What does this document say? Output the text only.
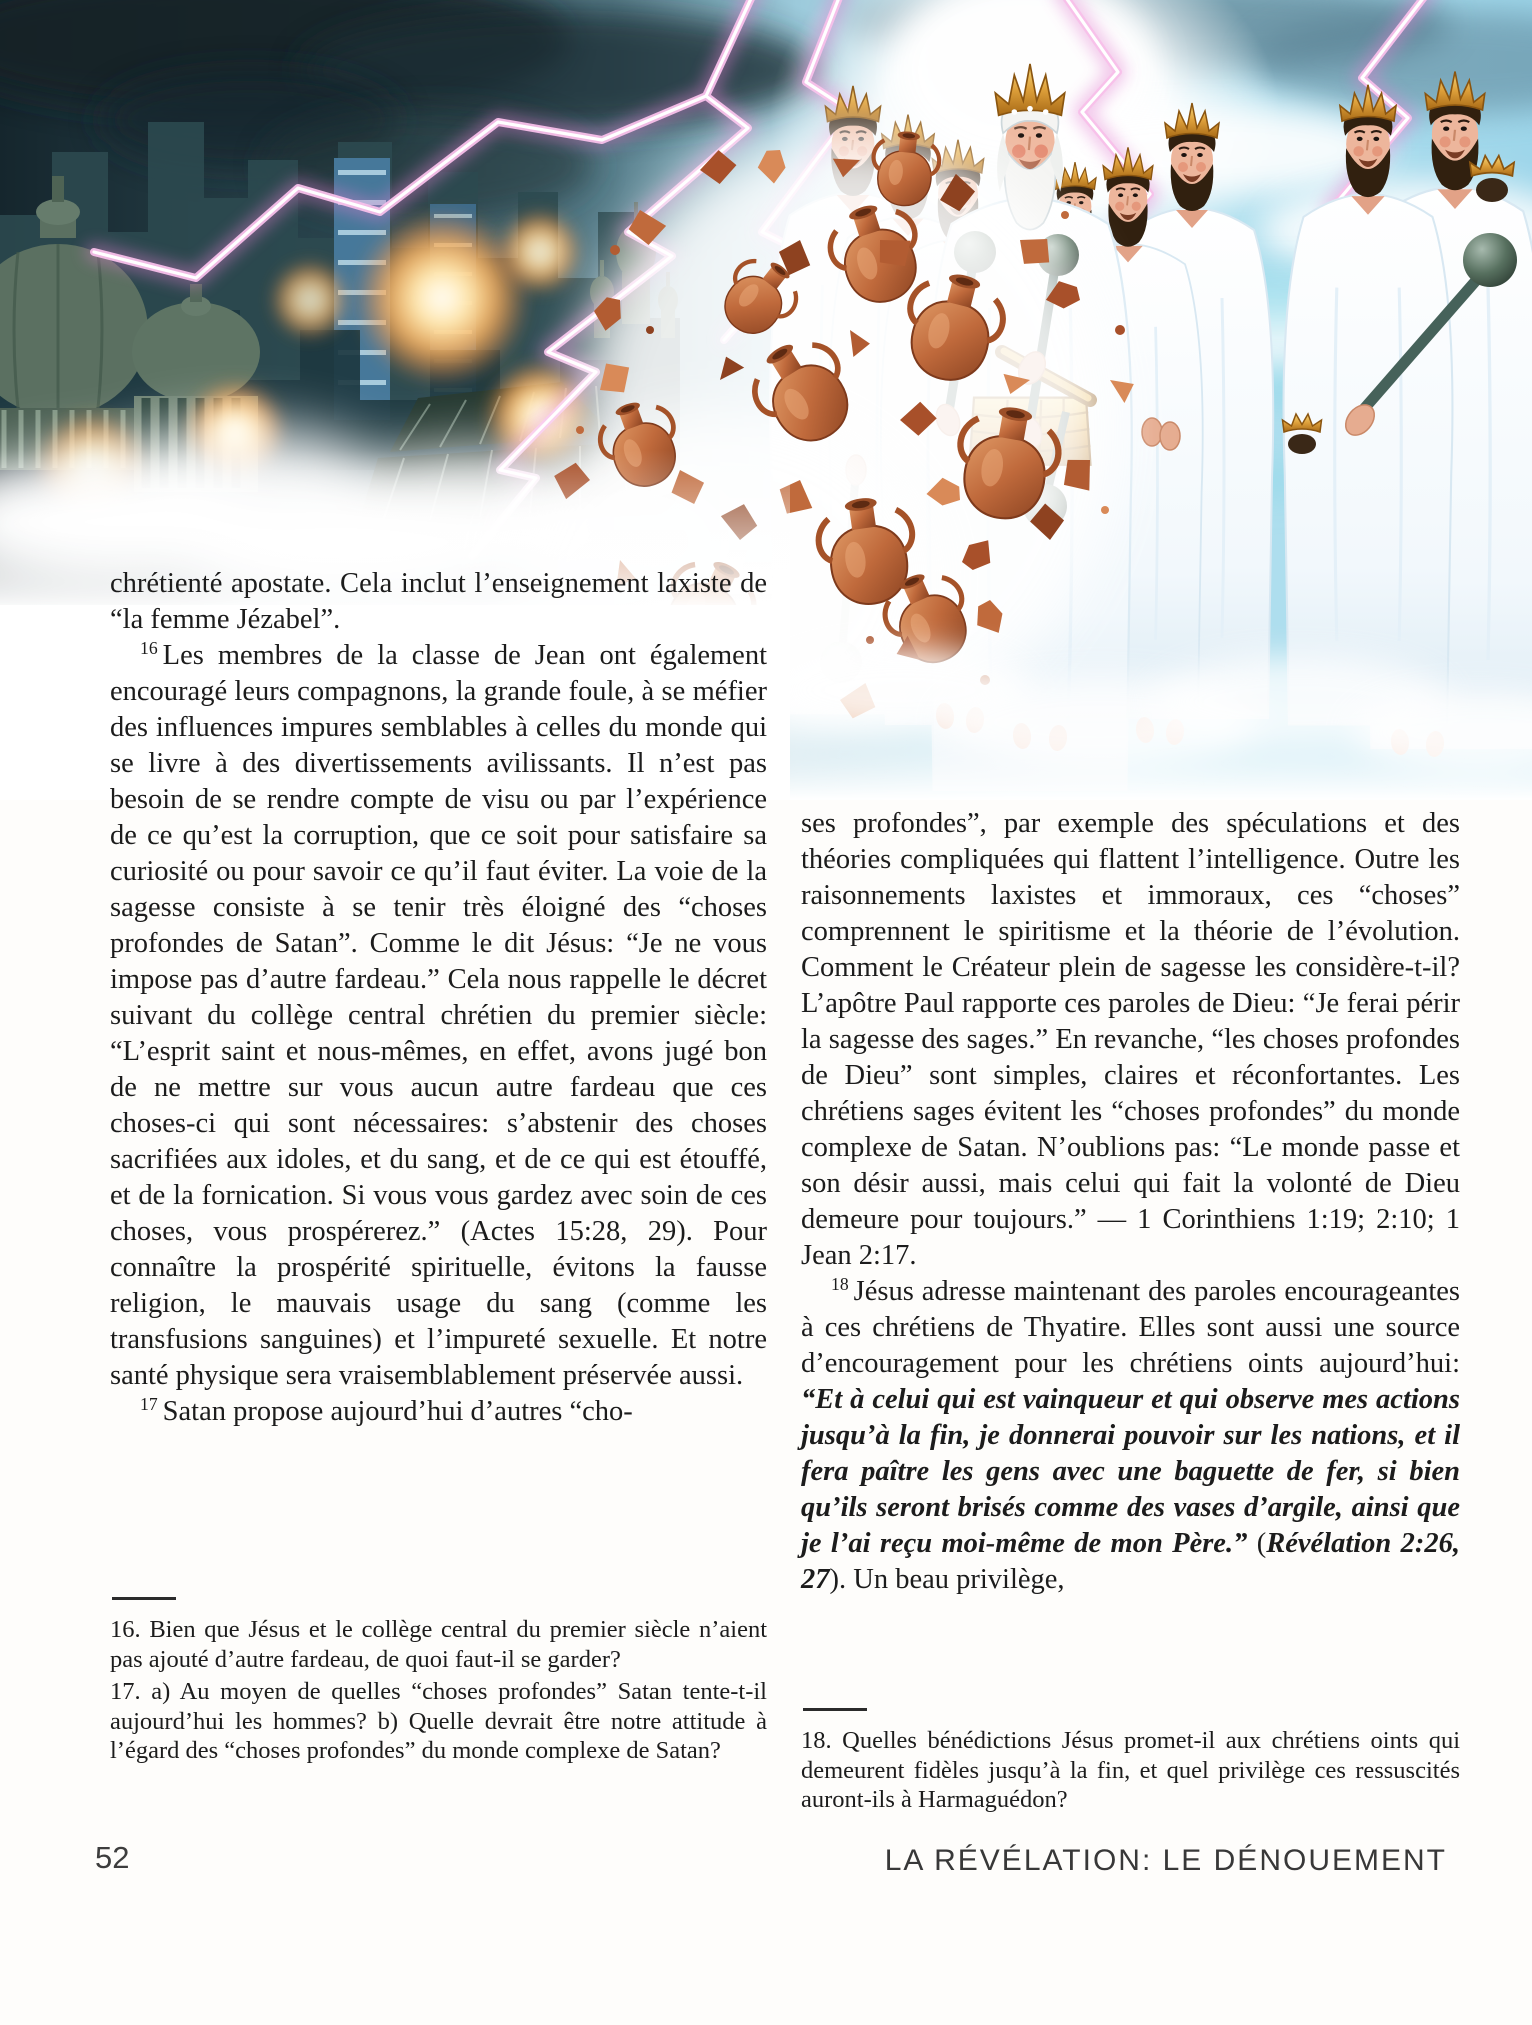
chrétienté apostate. Cela inclut l’enseignement laxiste de “la femme Jézabel”.

$^{16}$ Les membres de la classe de Jean ont également encouragé leurs compagnons, la grande foule, à se méfier des influences impures semblables à celles du monde qui se livre à des divertissements avilissants. Il n’est pas besoin de se rendre compte de visu ou par l’expérience de ce qu’est la corruption, que ce soit pour satisfaire sa curiosité ou pour savoir ce qu’il faut éviter. La voie de la sagesse consiste à se tenir très éloigné des “choses profondes de Satan”. Comme le dit Jésus: “Je ne vous impose pas d’autre fardeau.” Cela nous rappelle le décret suivant du collège central chrétien du premier siècle: “L’esprit saint et nous-mêmes, en effet, avons jugé bon de ne mettre sur vous aucun autre fardeau que ces choses-ci qui sont nécessaires: s’abstenir des choses sacrifiées aux idoles, et du sang, et de ce qui est étouffé, et de la fornication. Si vous vous gardez avec soin de ces choses, vous prospérerez.” (Actes 15:28, 29). Pour connaître la prospérité spirituelle, évitons la fausse religion, le mauvais usage du sang (comme les transfusions sanguines) et l’impureté sexuelle. Et notre santé physique sera vraisemblablement préservée aussi.

$^{17}$ Satan propose aujourd’hui d’autres “cho-

16. Bien que Jésus et le collège central du premier siècle n’aient pas ajouté d’autre fardeau, de quoi faut-il se garder?

17. a) Au moyen de quelles “choses profondes” Satan tente-t-il aujourd’hui les hommes? b) Quelle devrait être notre attitude à l’égard des “choses profondes” du monde complexe de Satan?

ses profondes”, par exemple des spéculations et des théories compliquées qui flattent l’intelligence. Outre les raisonnements laxistes et immoraux, ces “choses” comprennent le spiritisme et la théorie de l’évolution. Comment le Créateur plein de sagesse les considère-t-il? L’apôtre Paul rapporte ces paroles de Dieu: “Je ferai périr la sagesse des sages.” En revanche, “les choses profondes de Dieu” sont simples, claires et réconfortantes. Les chrétiens sages évitent les “choses profondes” du monde complexe de Satan. N’oublions pas: “Le monde passe et son désir aussi, mais celui qui fait la volonté de Dieu demeure pour toujours.” — 1 Corinthiens 1:19; 2:10; 1 Jean 2:17.

$^{18}$ Jésus adresse maintenant des paroles encourageantes à ces chrétiens de Thyatire. Elles sont aussi une source d’encouragement pour les chrétiens oints aujourd’hui: “Et à celui qui est vainqueur et qui observe mes actions jusqu’à la fin, je donnerai pouvoir sur les nations, et il fera paître les gens avec une baguette de fer, si bien qu’ils seront brisés comme des vases d’argile, ainsi que je l’ai reçu moi-même de mon Père.” (Révélation 2:26, 27). Un beau privilège,

18. Quelles bénédictions Jésus promet-il aux chrétiens oints qui demeurent fidèles jusqu’à la fin, et quel privilège ces ressuscités auront-ils à Harmaguédon?

52	LA RÉVÉLATION: LE DÉNOUEMENT
